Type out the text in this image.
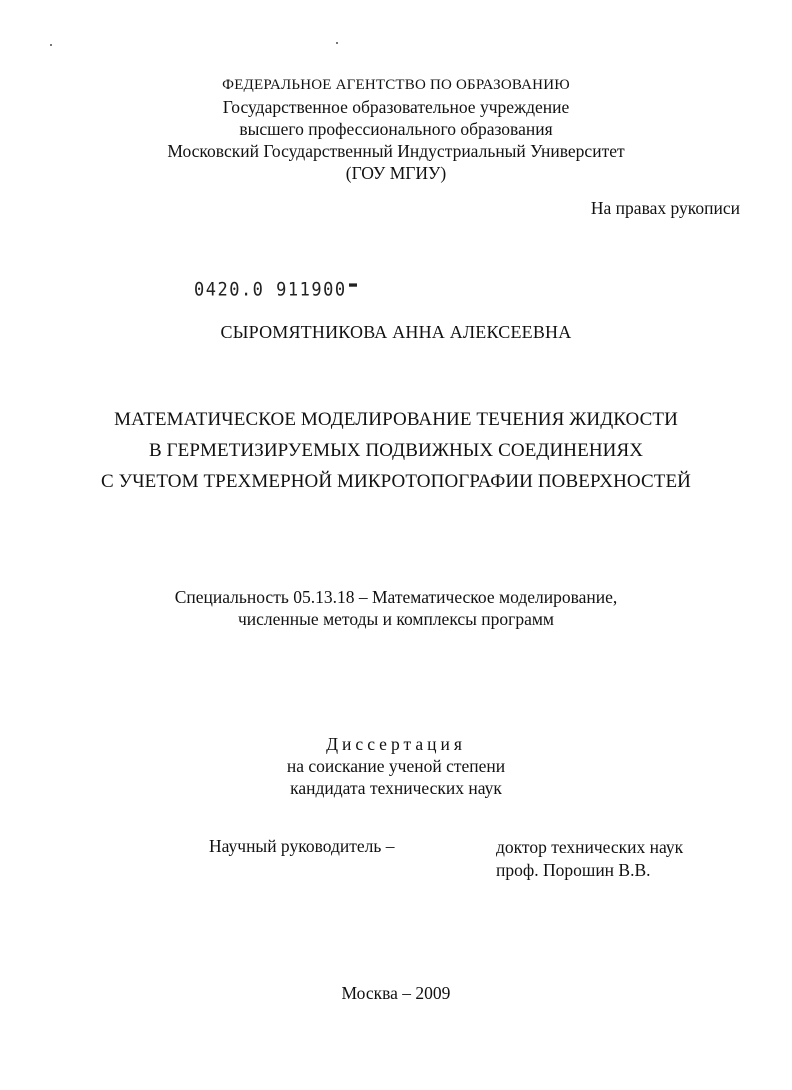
ФЕДЕРАЛЬНОЕ АГЕНТСТВО ПО ОБРАЗОВАНИЮ
Государственное образовательное учреждение
высшего профессионального образования
Московский Государственный Индустриальный Университет
(ГОУ МГИУ)
На правах рукописи
0420.0 911900
СЫРОМЯТНИКОВА АННА АЛЕКСЕЕВНА
МАТЕМАТИЧЕСКОЕ МОДЕЛИРОВАНИЕ ТЕЧЕНИЯ ЖИДКОСТИ
В ГЕРМЕТИЗИРУЕМЫХ ПОДВИЖНЫХ СОЕДИНЕНИЯХ
С УЧЕТОМ ТРЕХМЕРНОЙ МИКРОТОПОГРАФИИ ПОВЕРХНОСТЕЙ
Специальность 05.13.18 – Математическое моделирование,
численные методы и комплексы программ
Диссертация
на соискание ученой степени
кандидата технических наук
Научный руководитель –	доктор технических наук
проф. Порошин В.В.
Москва – 2009
